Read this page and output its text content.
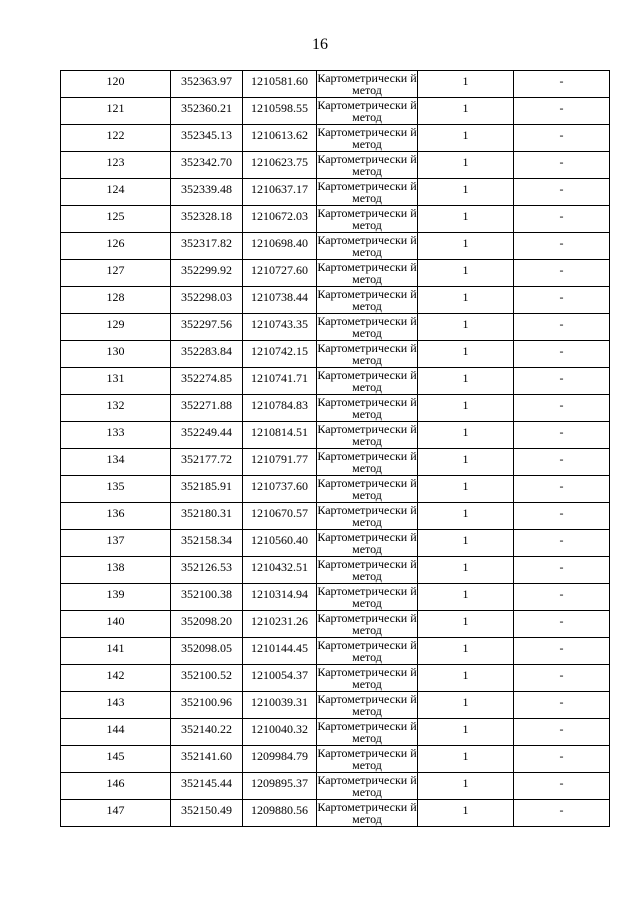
16
120	352363.97	1210581.60	Картометрически й метод	1	-
121	352360.21	1210598.55	Картометрически й метод	1	-
122	352345.13	1210613.62	Картометрически й метод	1	-
123	352342.70	1210623.75	Картометрически й метод	1	-
124	352339.48	1210637.17	Картометрически й метод	1	-
125	352328.18	1210672.03	Картометрически й метод	1	-
126	352317.82	1210698.40	Картометрически й метод	1	-
127	352299.92	1210727.60	Картометрически й метод	1	-
128	352298.03	1210738.44	Картометрически й метод	1	-
129	352297.56	1210743.35	Картометрически й метод	1	-
130	352283.84	1210742.15	Картометрически й метод	1	-
131	352274.85	1210741.71	Картометрически й метод	1	-
132	352271.88	1210784.83	Картометрически й метод	1	-
133	352249.44	1210814.51	Картометрически й метод	1	-
134	352177.72	1210791.77	Картометрически й метод	1	-
135	352185.91	1210737.60	Картометрически й метод	1	-
136	352180.31	1210670.57	Картометрически й метод	1	-
137	352158.34	1210560.40	Картометрически й метод	1	-
138	352126.53	1210432.51	Картометрически й метод	1	-
139	352100.38	1210314.94	Картометрически й метод	1	-
140	352098.20	1210231.26	Картометрически й метод	1	-
141	352098.05	1210144.45	Картометрически й метод	1	-
142	352100.52	1210054.37	Картометрически й метод	1	-
143	352100.96	1210039.31	Картометрически й метод	1	-
144	352140.22	1210040.32	Картометрически й метод	1	-
145	352141.60	1209984.79	Картометрически й метод	1	-
146	352145.44	1209895.37	Картометрически й метод	1	-
147	352150.49	1209880.56	Картометрически й метод	1	-
